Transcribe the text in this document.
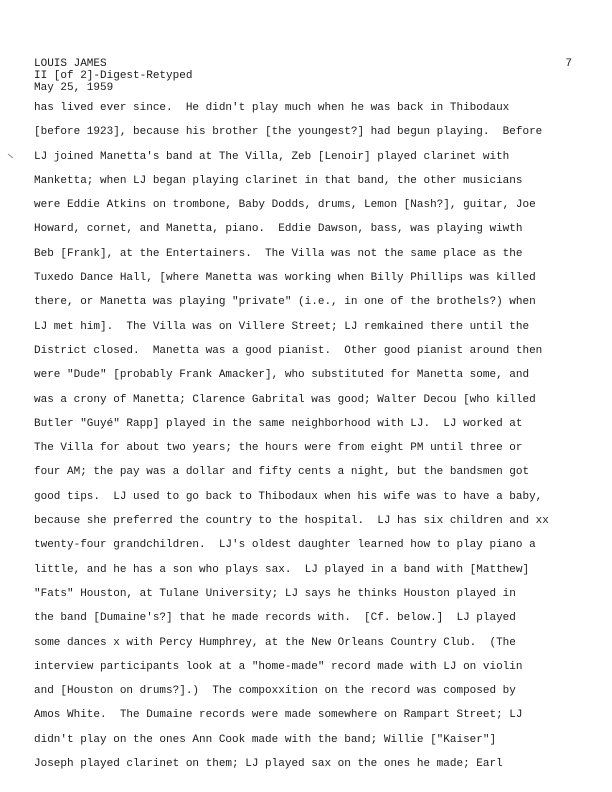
LOUIS JAMES
II [of 2]-Digest-Retyped
May 25, 1959
7
has lived ever since.  He didn't play much when he was back in Thibodaux
[before 1923], because his brother [the youngest?] had begun playing.  Before
LJ joined Manetta's band at The Villa, Zeb [Lenoir] played clarinet with
Manketta; when LJ began playing clarinet in that band, the other musicians
were Eddie Atkins on trombone, Baby Dodds, drums, Lemon [Nash?], guitar, Joe
Howard, cornet, and Manetta, piano.  Eddie Dawson, bass, was playing wiwth
Beb [Frank], at the Entertainers.  The Villa was not the same place as the
Tuxedo Dance Hall, [where Manetta was working when Billy Phillips was killed
there, or Manetta was playing "private" (i.e., in one of the brothels?) when
LJ met him].  The Villa was on Villere Street; LJ remkained there until the
District closed.  Manetta was a good pianist.  Other good pianist around then
were "Dude" [probably Frank Amacker], who substituted for Manetta some, and
was a crony of Manetta; Clarence Gabrital was good; Walter Decou [who killed
Butler "Guyé" Rapp] played in the same neighborhood with LJ.  LJ worked at
The Villa for about two years; the hours were from eight PM until three or
four AM; the pay was a dollar and fifty cents a night, but the bandsmen got
good tips.  LJ used to go back to Thibodaux when his wife was to have a baby,
because she preferred the country to the hospital.  LJ has six children and xx
twenty-four grandchildren.  LJ's oldest daughter learned how to play piano a
little, and he has a son who plays sax.  LJ played in a band with [Matthew]
"Fats" Houston, at Tulane University; LJ says he thinks Houston played in
the band [Dumaine's?] that he made records with.  [Cf. below.]  LJ played
some dances x with Percy Humphrey, at the New Orleans Country Club.  (The
interview participants look at a "home-made" record made with LJ on violin
and [Houston on drums?].)  The compoxxition on the record was composed by
Amos White.  The Dumaine records were made somewhere on Rampart Street; LJ
didn't play on the ones Ann Cook made with the band; Willie ["Kaiser"]
Joseph played clarinet on them; LJ played sax on the ones he made; Earl
